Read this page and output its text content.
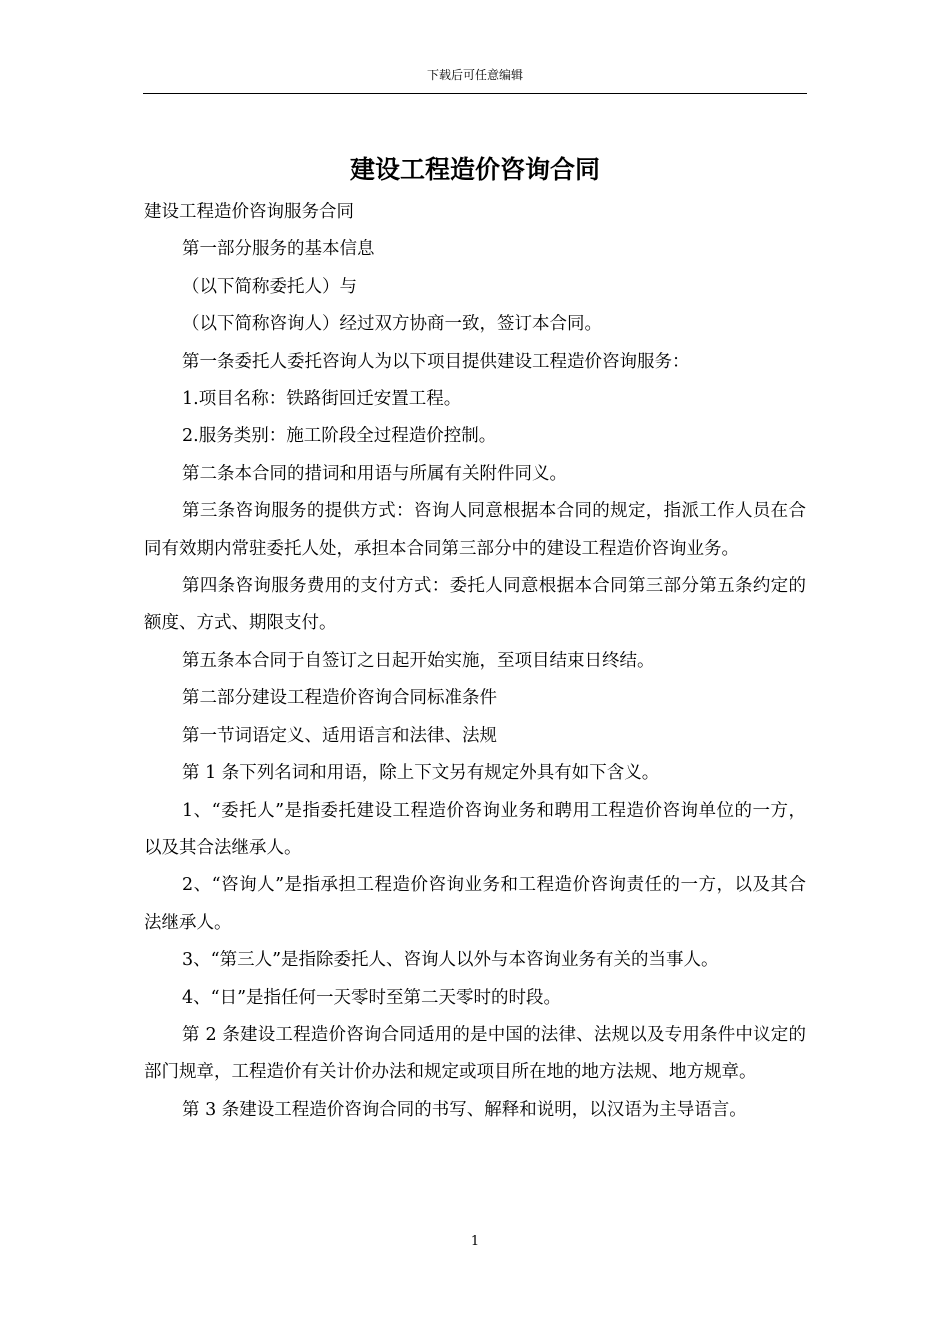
下载后可任意编辑
建设工程造价咨询合同

建设工程造价咨询服务合同

第一部分服务的基本信息

（以下简称委托人）与

（以下简称咨询人）经过双方协商一致，签订本合同。

第一条委托人委托咨询人为以下项目提供建设工程造价咨询服务：

1.项目名称：铁路街回迁安置工程。

2.服务类别：施工阶段全过程造价控制。

第二条本合同的措词和用语与所属有关附件同义。

第三条咨询服务的提供方式：咨询人同意根据本合同的规定，指派工作人员在合同有效期内常驻委托人处，承担本合同第三部分中的建设工程造价咨询业务。

第四条咨询服务费用的支付方式：委托人同意根据本合同第三部分第五条约定的额度、方式、期限支付。

第五条本合同于自签订之日起开始实施，至项目结束日终结。

第二部分建设工程造价咨询合同标准条件

第一节词语定义、适用语言和法律、法规

第 1 条下列名词和用语，除上下文另有规定外具有如下含义。

1、“委托人”是指委托建设工程造价咨询业务和聘用工程造价咨询单位的一方，以及其合法继承人。

2、“咨询人”是指承担工程造价咨询业务和工程造价咨询责任的一方，以及其合法继承人。

3、“第三人”是指除委托人、咨询人以外与本咨询业务有关的当事人。

4、“日”是指任何一天零时至第二天零时的时段。

第 2 条建设工程造价咨询合同适用的是中国的法律、法规以及专用条件中议定的部门规章，工程造价有关计价办法和规定或项目所在地的地方法规、地方规章。

第 3 条建设工程造价咨询合同的书写、解释和说明，以汉语为主导语言。

1
